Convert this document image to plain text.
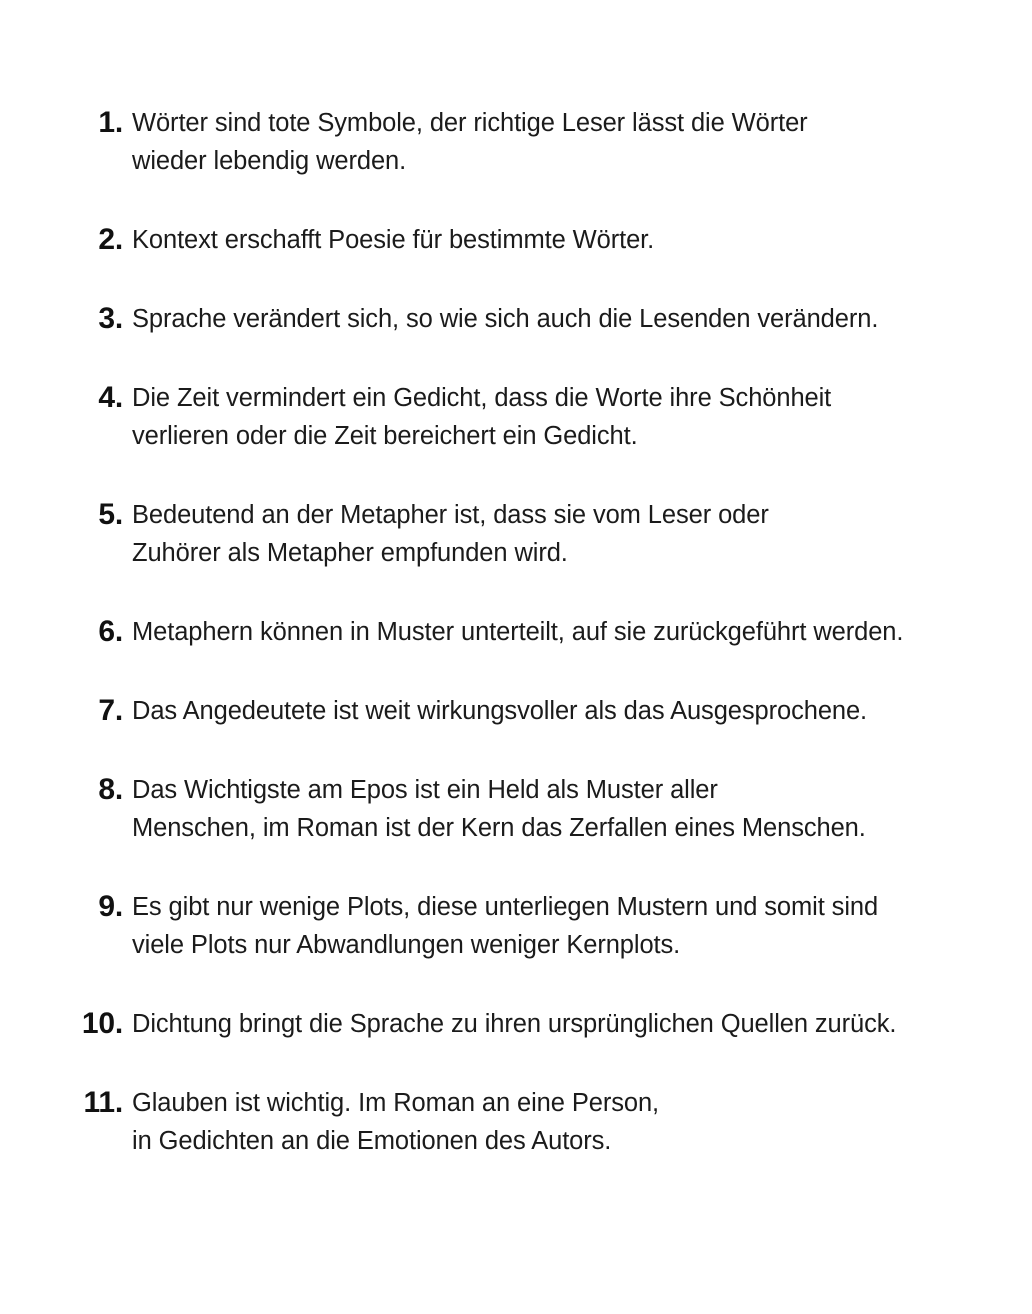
1. Wörter sind tote Symbole, der richtige Leser lässt die Wörter
wieder lebendig werden.
2. Kontext erschafft Poesie für bestimmte Wörter.
3. Sprache verändert sich, so wie sich auch die Lesenden verändern.
4. Die Zeit vermindert ein Gedicht, dass die Worte ihre Schönheit
verlieren oder die Zeit bereichert ein Gedicht.
5. Bedeutend an der Metapher ist, dass sie vom Leser oder
Zuhörer als Metapher empfunden wird.
6. Metaphern können in Muster unterteilt, auf sie zurückgeführt werden.
7. Das Angedeutete ist weit wirkungsvoller als das Ausgesprochene.
8. Das Wichtigste am Epos ist ein Held als Muster aller
Menschen, im Roman ist der Kern das Zerfallen eines Menschen.
9. Es gibt nur wenige Plots, diese unterliegen Mustern und somit sind
viele Plots nur Abwandlungen weniger Kernplots.
10. Dichtung bringt die Sprache zu ihren ursprünglichen Quellen zurück.
11. Glauben ist wichtig. Im Roman an eine Person,
in Gedichten an die Emotionen des Autors.
